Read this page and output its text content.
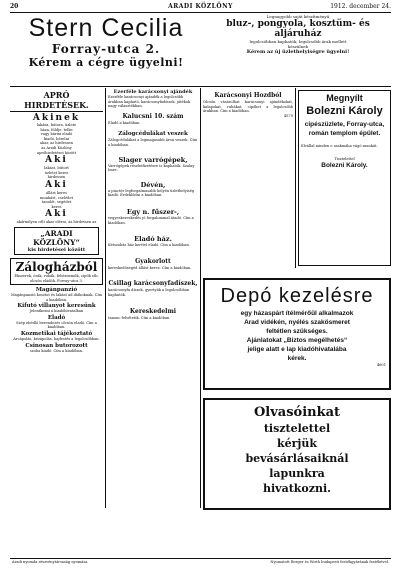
20	ARADI KÖZLÖNY	1912. december 24.
Stern Cecilia
Forray-utca 2.
Kérem a cégre ügyelni!
Legnagyobb saját készítményű
bluz-, pongyola, kosztüm- és
aljáruház
legolcsóbban kaphatók, legolcsóbb árak mellett
készülnek
Kérem az új üzlethelyiségre ügyelni!
APRÓ HIRDETÉSEK.
Akinek

lakása, bútora, üzlete

háza, földje, telke

vagy bármi eladó

kiadó, bérelni

akar, az hirdessen

az Aradi Közlöny

apróhirdetései között

Aki

lakást, bútort

üzletet keres

hirdessen

Aki

állást keres

munkást, cselédet

tanulót, segédet

keres

Aki
akármilyen célt akar elérni, az hirdessen az
„ARADI KÖZLÖNY“
kis hirdetései között
Zálogházból
Ékszerek, órák, ruhák, fehérneműk, cipők stb. olcsón eladók. Forray-utca 3.
Magánpanzió
Magánpanzió kosztot és lakást ad diákoknak. Cím a kiadóban.
Kifutó villanyot keresünk
Jelentkezni a kiadóhivatalban
Eladó
Szép ebédlő berendezés olcsón eladó. Cím a kiadóban.
Kozmetikai tájékoztató
Arcápolás, kézápolás, hajfestés a legolcsóbban.
Csinosan butorozott
szoba kiadó. Cím a kiadóban.
Ezerféle karácsonyi ajándék
Ezerféle karácsonyi ajándék a legolcsóbb árakban kapható, karácsonyfadíszek, játékok nagy választékban.
Kalucsni 10. szám
Eladó a kiadóban.
Zálogcédulákat veszek
Zálogcédulákat a legmagasabb áron veszek. Cím a kiadóban.
Slager varrógépek,
Varrógépek részletfizetésre is kaphatók. Szalay Imre.
Dévén,
a piactér legforgalmasabb helyén üzlethelyiség kiadó. Érdeklődni a kiadóban.
Egy n. fűszer-,
vegyeskereskedés jó forgalommal átadó. Cím a kiadóban.
Eladó ház.
Kétszobás ház kerttel eladó. Cím a kiadóban.
Gyakorlott
kereskedősegéd állást keres. Cím a kiadóban.
Csillag karácsonyfadíszek,
karácsonyfa díszek, gyertyák a legolcsóbban kaphatók.
Kereskedelmi
tanonc felvétetik. Cím a kiadóban.
Karácsonyi Hozdból
Olcsón vásárolhat karácsonyi ajándékokat, kalapokat, ruhákat, cipőket a legolcsóbb árakban. Cím a kiadóban.
4579
Megnyílt
Bolezni Károly
cipészüzlete, Forray-utca, román templom épület.
Elvállal minden e szakmába vágó munkát.
Tisztelettel
Bolezni Károly.
Depó kezelésre
egy házaspárt ítélmérőül alkalmazok
Arad vidékén, nyélés szakösmeret
feltétlen szükséges.
Ajánlatokat „Biztos megélhetés“
jelige alatt e lap kiadóhivatalába
kérek.
4601
Olvasóinkat
tisztelettel
kérjük
bevásárlásaiknál
lapunkra
hivatkozni.
Aradi nyomda részvénytársaság nyomása.	Nyomatott Berger és Wirth budapesti festékgyárának festékével.
